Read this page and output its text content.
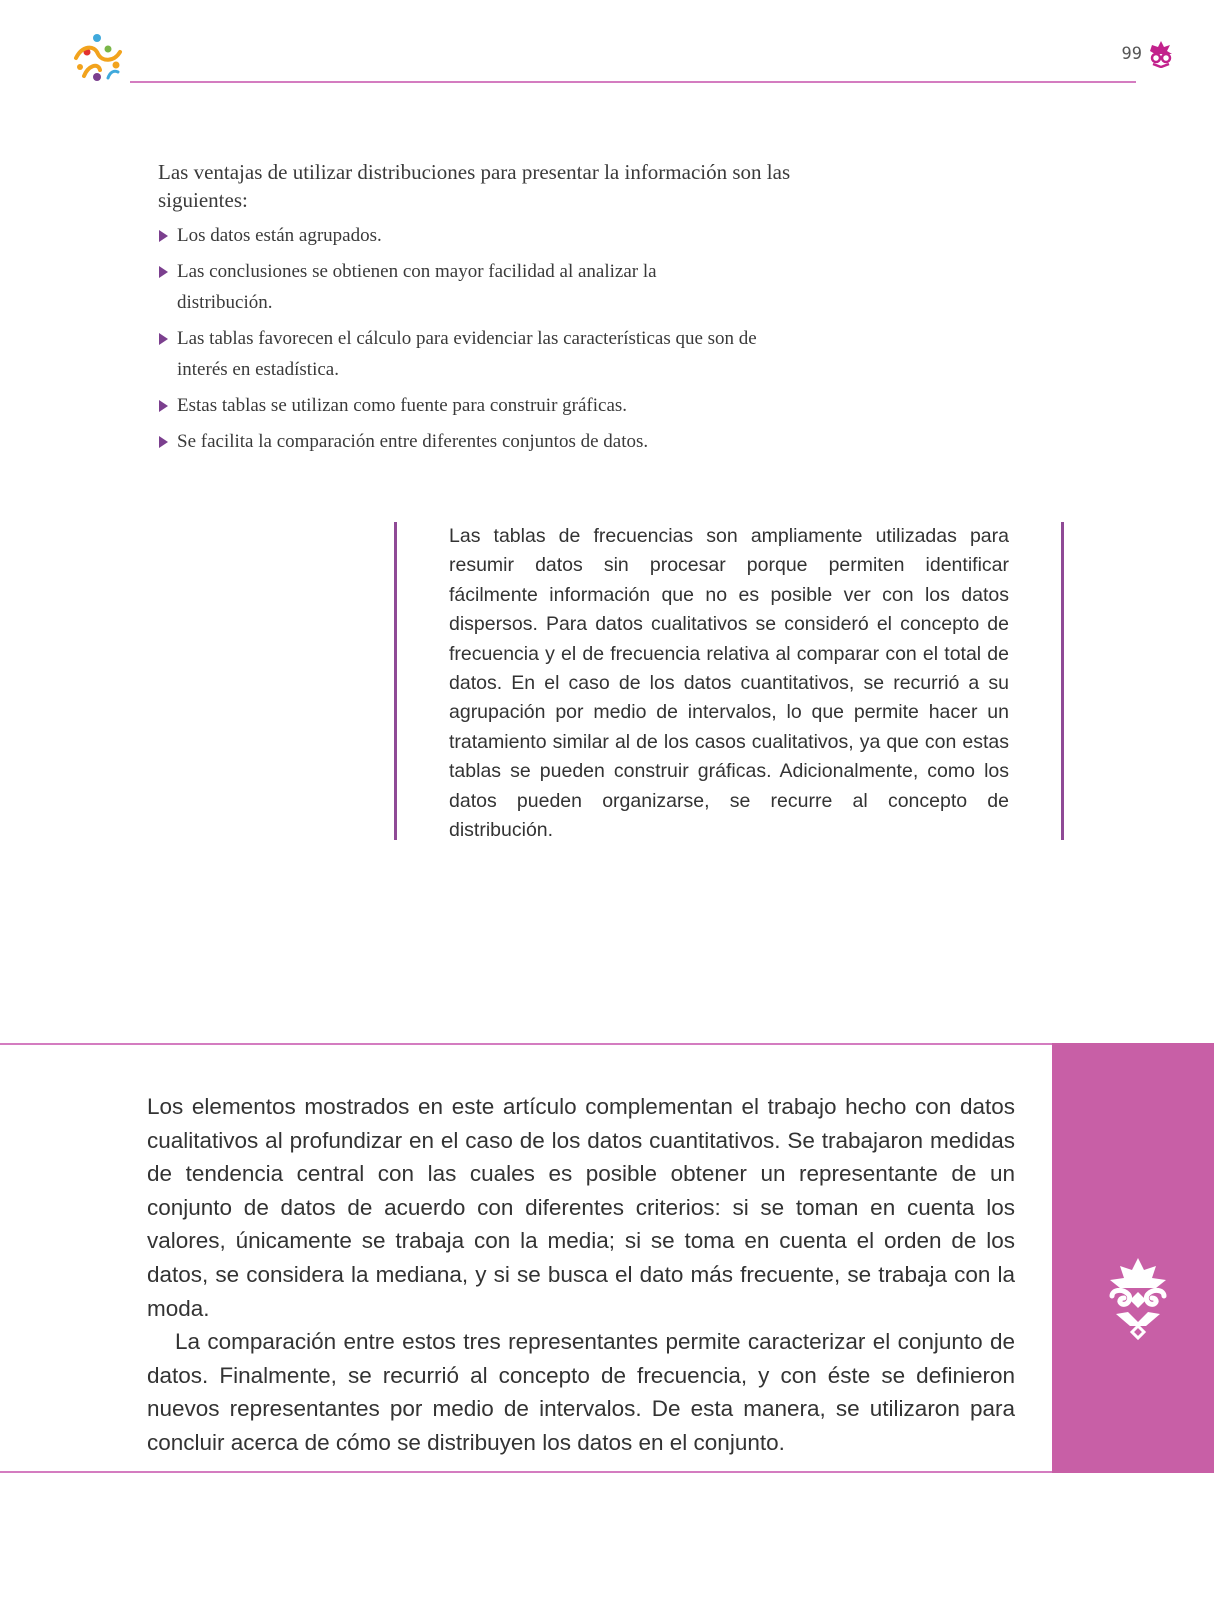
99

Las ventajas de utilizar distribuciones para presentar la información son las siguientes:

Los datos están agrupados.
Las conclusiones se obtienen con mayor facilidad al analizar la distribución.
Las tablas favorecen el cálculo para evidenciar las características que son de interés en estadística.
Estas tablas se utilizan como fuente para construir gráficas.
Se facilita la comparación entre diferentes conjuntos de datos.

Las tablas de frecuencias son ampliamente utilizadas para resumir datos sin procesar porque permiten identificar fácilmente información que no es posible ver con los datos dispersos. Para datos cualitativos se consideró el concepto de frecuencia y el de frecuencia relativa al comparar con el total de datos. En el caso de los datos cuantitativos, se recurrió a su agrupación por medio de intervalos, lo que permite hacer un tratamiento similar al de los casos cualitativos, ya que con estas tablas se pueden construir gráficas. Adicionalmente, como los datos pueden organizarse, se recurre al concepto de distribución.

Los elementos mostrados en este artículo complementan el trabajo hecho con datos cualitativos al profundizar en el caso de los datos cuantitativos. Se trabajaron medidas de tendencia central con las cuales es posible obtener un representante de un conjunto de datos de acuerdo con diferentes criterios: si se toman en cuenta los valores, únicamente se trabaja con la media; si se toma en cuenta el orden de los datos, se considera la mediana, y si se busca el dato más frecuente, se trabaja con la moda.

La comparación entre estos tres representantes permite caracterizar el conjunto de datos. Finalmente, se recurrió al concepto de frecuencia, y con éste se definieron nuevos representantes por medio de intervalos. De esta manera, se utilizaron para concluir acerca de cómo se distribuyen los datos en el conjunto.
